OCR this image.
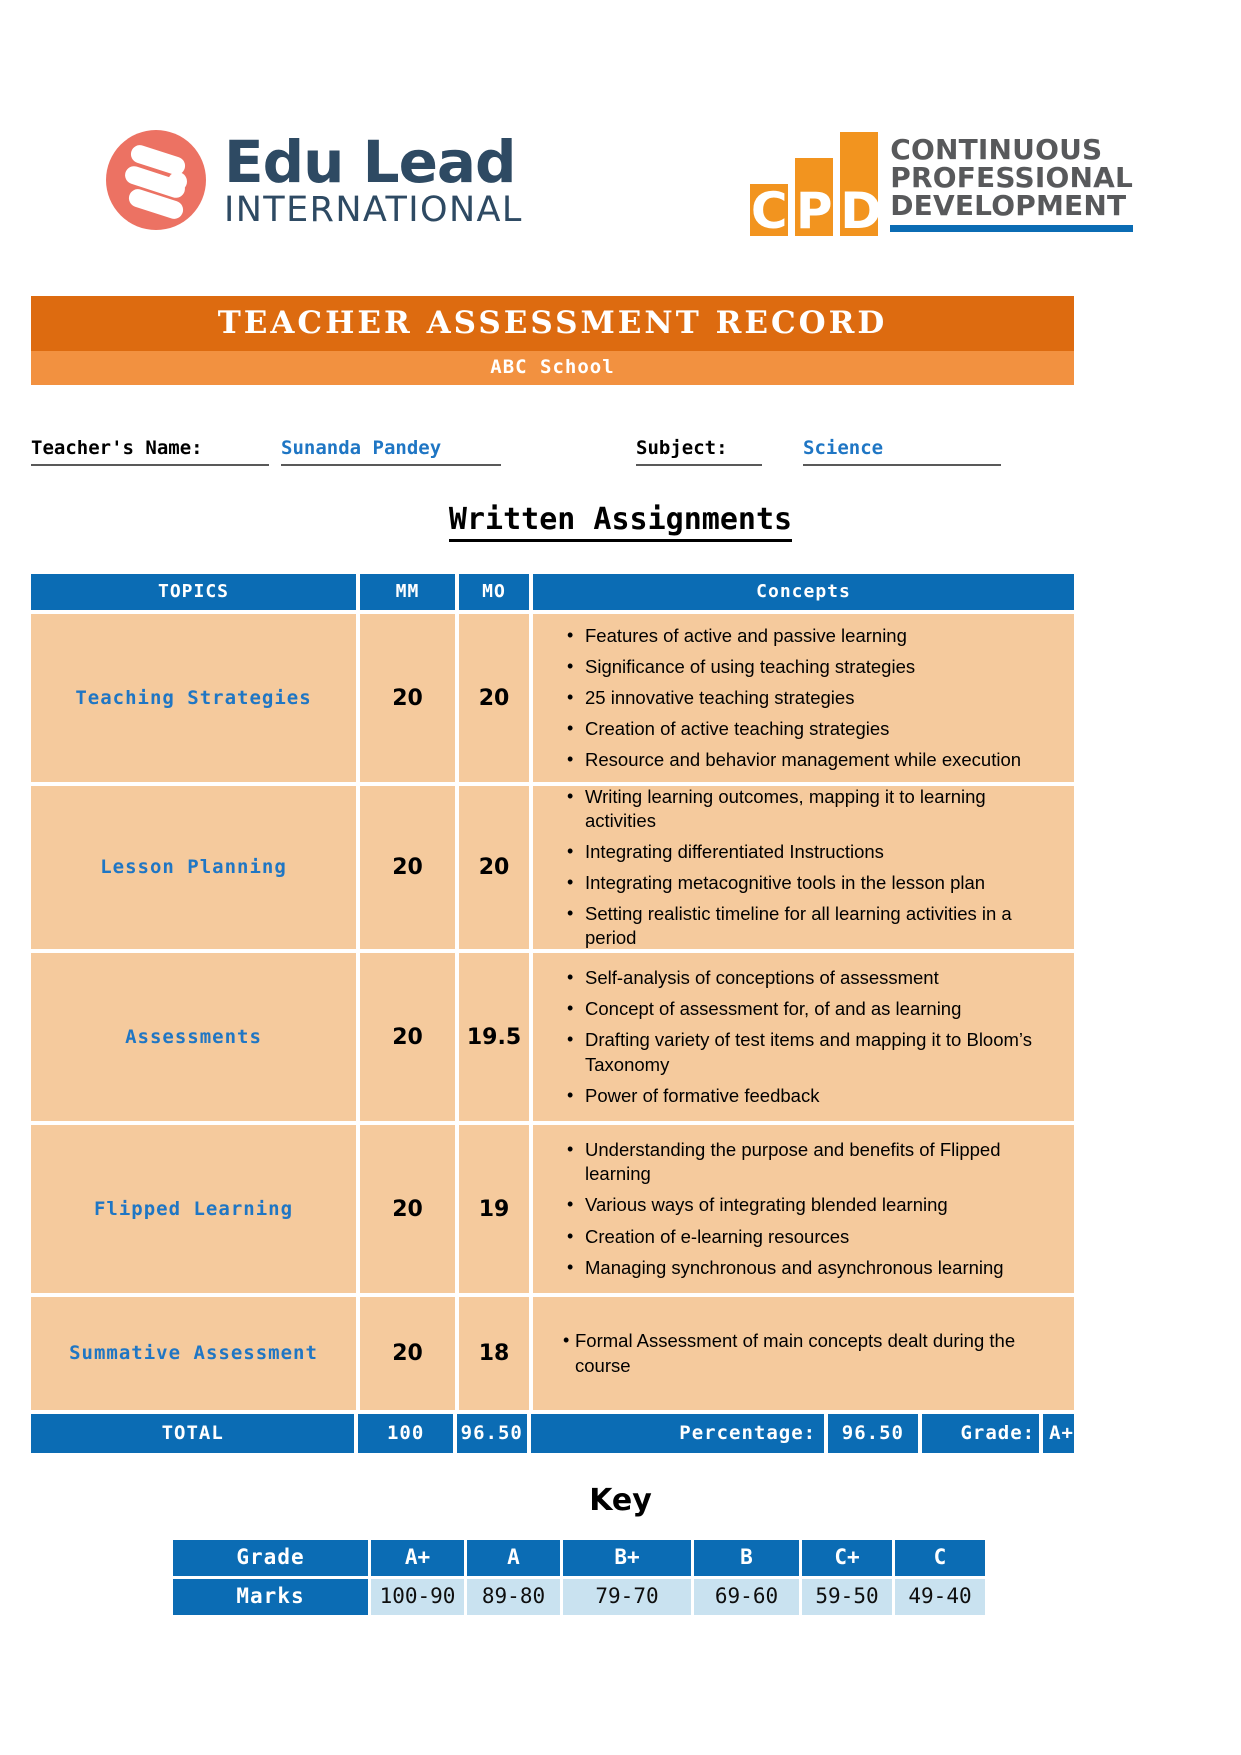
Edu Lead
INTERNATIONAL	C P D
CONTINUOUS
PROFESSIONAL
DEVELOPMENT
TEACHER ASSESSMENT RECORD
ABC School
Teacher's Name:	Sunanda Pandey	Subject:	Science
Written Assignments
TOPICS	MM	MO	Concepts
Teaching Strategies	20	20
• Features of active and passive learning
• Significance of using teaching strategies
• 25 innovative teaching strategies
• Creation of active teaching strategies
• Resource and behavior management while execution
Lesson Planning	20	20
• Writing learning outcomes, mapping it to learning activities
• Integrating differentiated Instructions
• Integrating metacognitive tools in the lesson plan
• Setting realistic timeline for all learning activities in a period
Assessments	20 19.5
• Self-analysis of conceptions of assessment
• Concept of assessment for, of and as learning
• Drafting variety of test items and mapping it to Bloom’s Taxonomy
• Power of formative feedback
Flipped Learning	20	19
• Understanding the purpose and benefits of Flipped learning
• Various ways of integrating blended learning
• Creation of e-learning resources
• Managing synchronous and asynchronous learning
Summative Assessment	20	18
• Formal Assessment of main concepts dealt during the course
TOTAL	100	96.50	Percentage:	96.50	Grade: A+
Key
Grade	A+	A	B+	B	C+	C
Marks	100-90	89-80	79-70	69-60	59-50	49-40
